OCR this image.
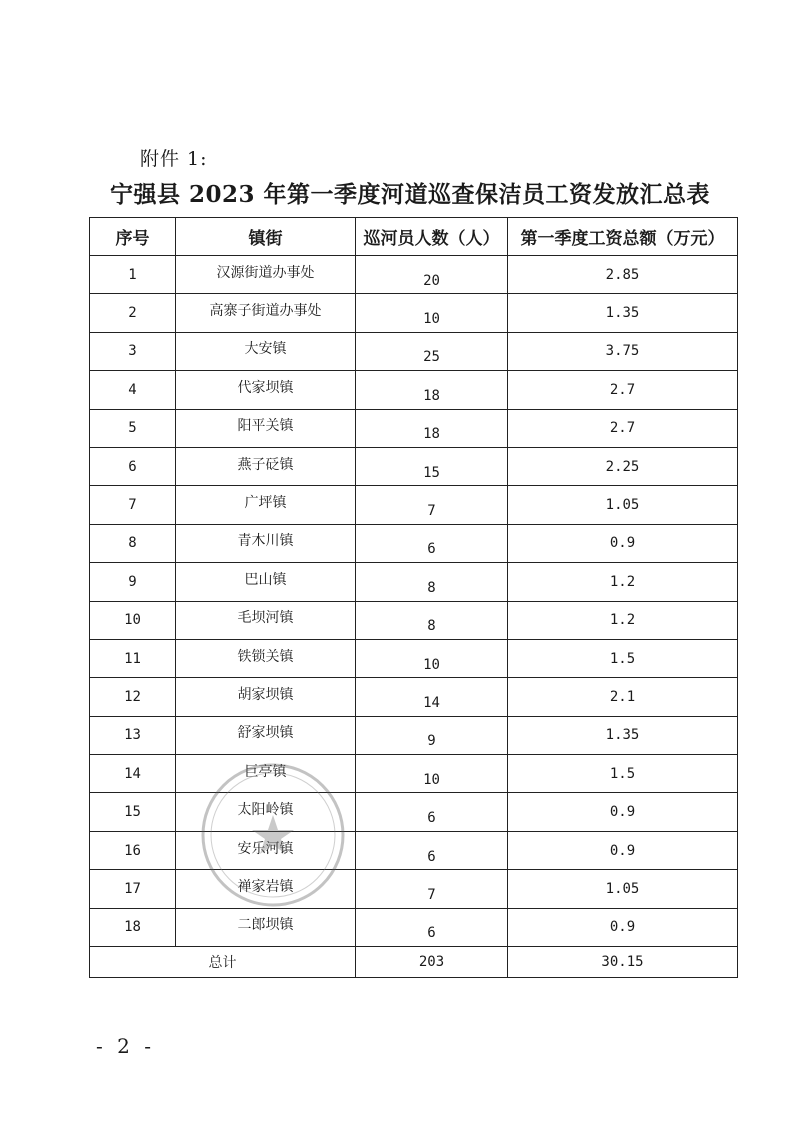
附件 1:
宁强县 2023 年第一季度河道巡查保洁员工资发放汇总表
序号	镇街	巡河员人数（人）	第一季度工资总额（万元）
1	汉源街道办事处	20	2.85
2	高寨子街道办事处	10	1.35
3	大安镇	25	3.75
4	代家坝镇	18	2.7
5	阳平关镇	18	2.7
6	燕子砭镇	15	2.25
7	广坪镇	7	1.05
8	青木川镇	6	0.9
9	巴山镇	8	1.2
10	毛坝河镇	8	1.2
11	铁锁关镇	10	1.5
12	胡家坝镇	14	2.1
13	舒家坝镇	9	1.35
14	巨亭镇	10	1.5
15	太阳岭镇	6	0.9
16	安乐河镇	6	0.9
17	禅家岩镇	7	1.05
18	二郎坝镇	6	0.9
总计		203	30.15
- 2 -
